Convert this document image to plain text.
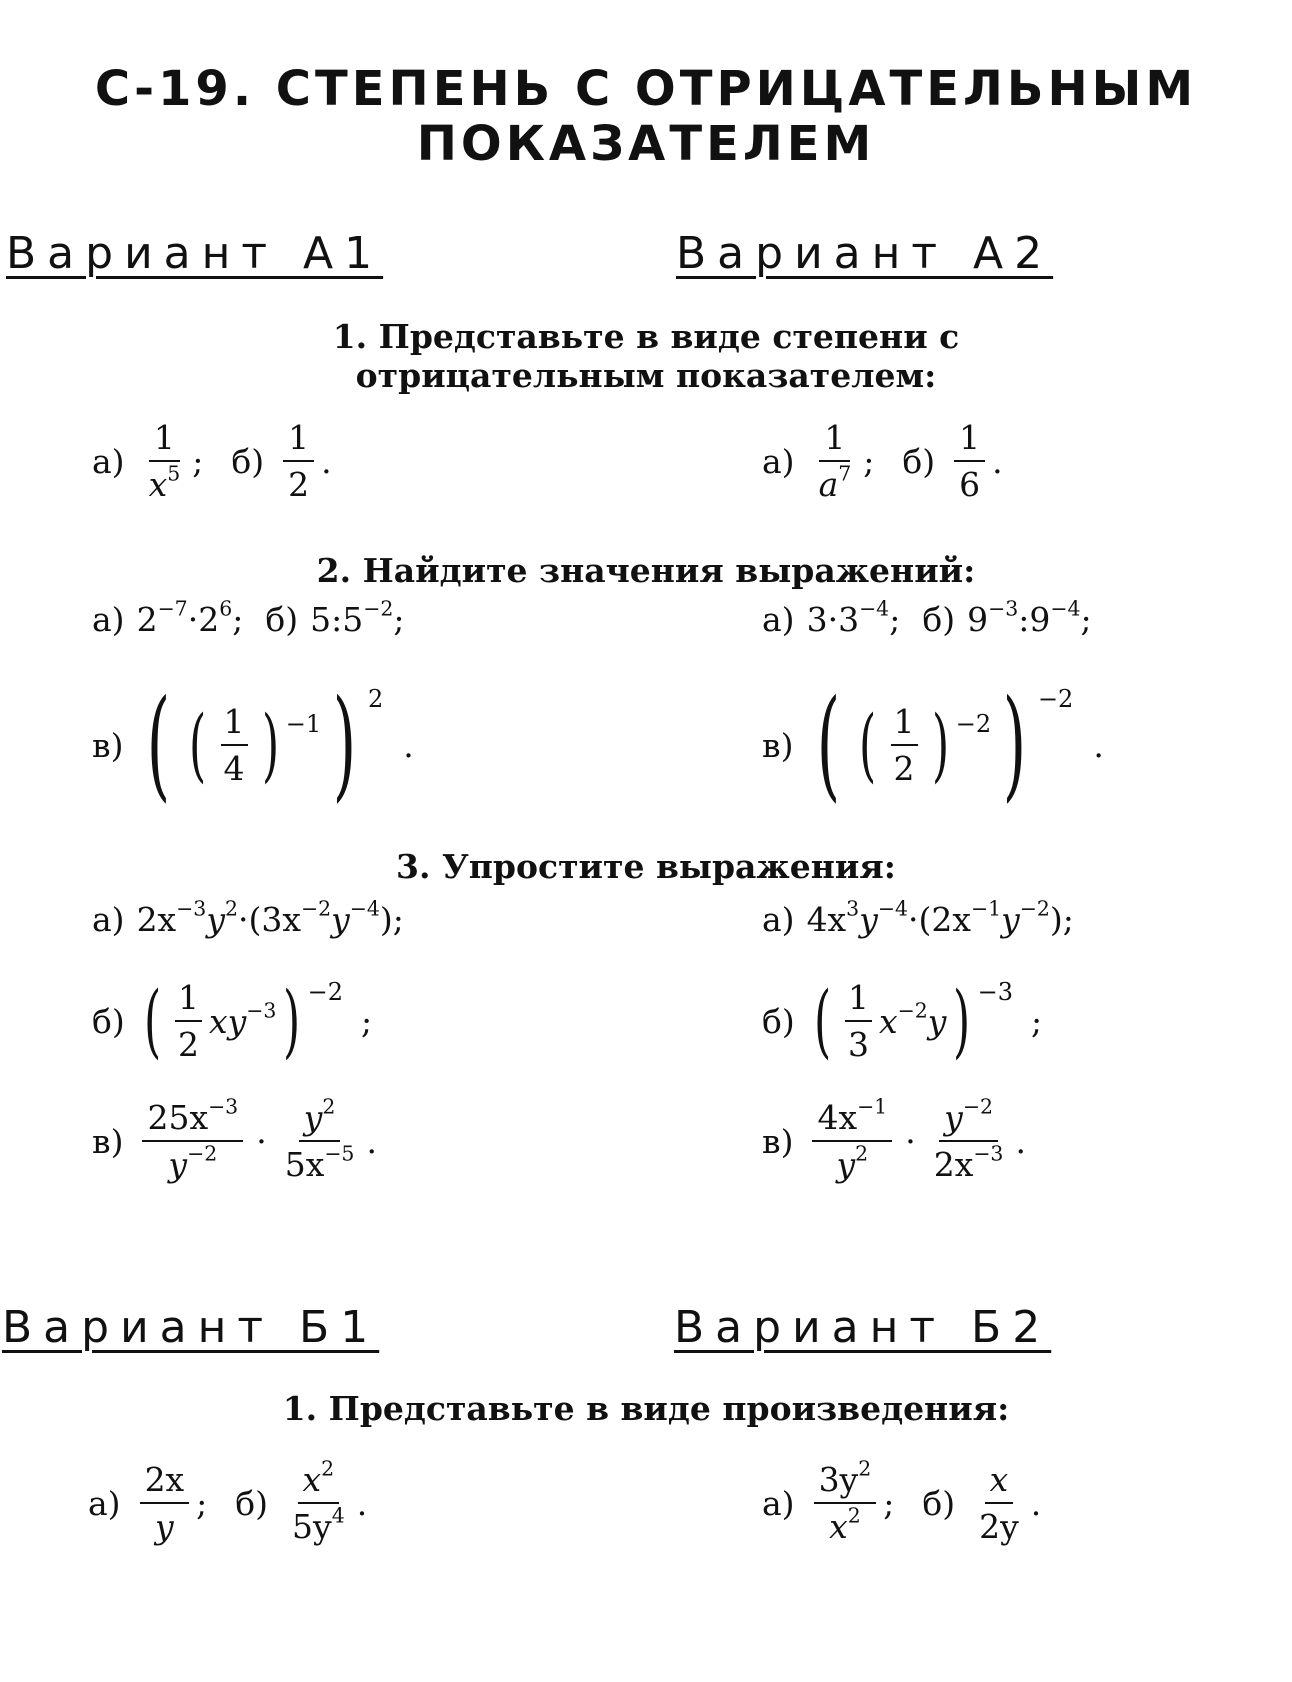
С-19. СТЕПЕНЬ С ОТРИЦАТЕЛЬНЫМ
ПОКАЗАТЕЛЕМ
Вариант А1	Вариант А2
1. Представьте в виде степени с
отрицательным показателем:
$а) \frac{1}{x^5}$ ; $б) \frac{1}{2}$ .	$а) \frac{1}{a^7}$ ; $б) \frac{1}{6}$ .
2. Найдите значения выражений:
а) $2^{-7} \cdot 2^6$ ; б) 5 : $5^{-2}$ ;	а) $3 \cdot 3^{-4}$ ; б) $9^{-3}$ : $9^{-4}$ ;
в) ( ( $\frac{1}{4}$ ) −1 ) 2
.	в) ( ( $\frac{1}{2}$ ) −2 ) −2
.
3. Упростите выражения:
а) $2x^{-3}y^2 \cdot (3x^{-2}y^{-4})$ ;	а) $4x^3y^{-4} \cdot (2x^{-1}y^{-2})$ ;
б) ( $\frac{1}{2} xy^{-3}$ ) −2
;	б) ( $\frac{1}{3} x^{-2}y$ ) −3
;
$в) \frac{25x^{-3}}{y^{-2}} \cdot \frac{y^2}{5x^{-5}}$ .	$в) \frac{4x^{-1}}{y^2} \cdot \frac{y^{-2}}{2x^{-3}}$ .
Вариант Б1	Вариант Б2
1. Представьте в виде произведения:
$а) \frac{2x}{y}$ ; $б) \frac{x^2}{5y^4}$ .	$а) \frac{3y^2}{x^2}$ ; $б) \frac{x}{2y}$ .
